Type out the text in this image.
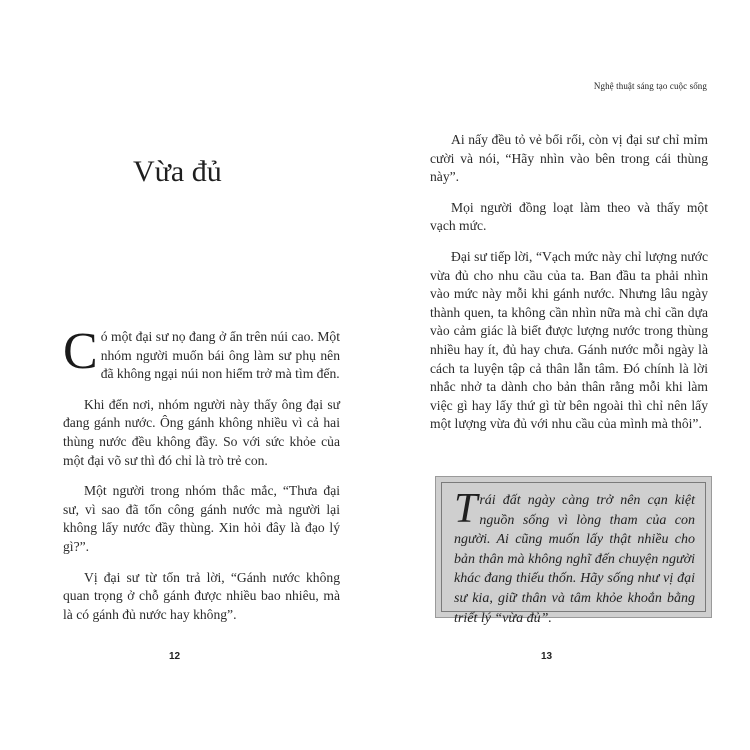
Vừa đủ

Có một đại sư nọ đang ở ẩn trên núi cao. Một nhóm người muốn bái ông làm sư phụ nên đã không ngại núi non hiểm trở mà tìm đến.

Khi đến nơi, nhóm người này thấy ông đại sư đang gánh nước. Ông gánh không nhiều vì cả hai thùng nước đều không đầy. So với sức khỏe của một đại võ sư thì đó chỉ là trò trẻ con.

Một người trong nhóm thắc mắc, “Thưa đại sư, vì sao đã tốn công gánh nước mà người lại không lấy nước đầy thùng. Xin hỏi đây là đạo lý gì?”.

Vị đại sư từ tốn trả lời, “Gánh nước không quan trọng ở chỗ gánh được nhiều bao nhiêu, mà là có gánh đủ nước hay không”.

12
Nghệ thuật sáng tạo cuộc sống

Ai nấy đều tỏ vẻ bối rối, còn vị đại sư chỉ mỉm cười và nói, “Hãy nhìn vào bên trong cái thùng này”.

Mọi người đồng loạt làm theo và thấy một vạch mức.

Đại sư tiếp lời, “Vạch mức này chỉ lượng nước vừa đủ cho nhu cầu của ta. Ban đầu ta phải nhìn vào mức này mỗi khi gánh nước. Nhưng lâu ngày thành quen, ta không cần nhìn nữa mà chỉ cần dựa vào cảm giác là biết được lượng nước trong thùng nhiều hay ít, đủ hay chưa. Gánh nước mỗi ngày là cách ta luyện tập cả thân lẫn tâm. Đó chính là lời nhắc nhở ta dành cho bản thân rằng mỗi khi làm việc gì hay lấy thứ gì từ bên ngoài thì chỉ nên lấy một lượng vừa đủ với nhu cầu của mình mà thôi”.

Trái đất ngày càng trở nên cạn kiệt nguồn sống vì lòng tham của con người. Ai cũng muốn lấy thật nhiều cho bản thân mà không nghĩ đến chuyện người khác đang thiếu thốn. Hãy sống như vị đại sư kia, giữ thân và tâm khỏe khoắn bằng triết lý “vừa đủ”.
13
